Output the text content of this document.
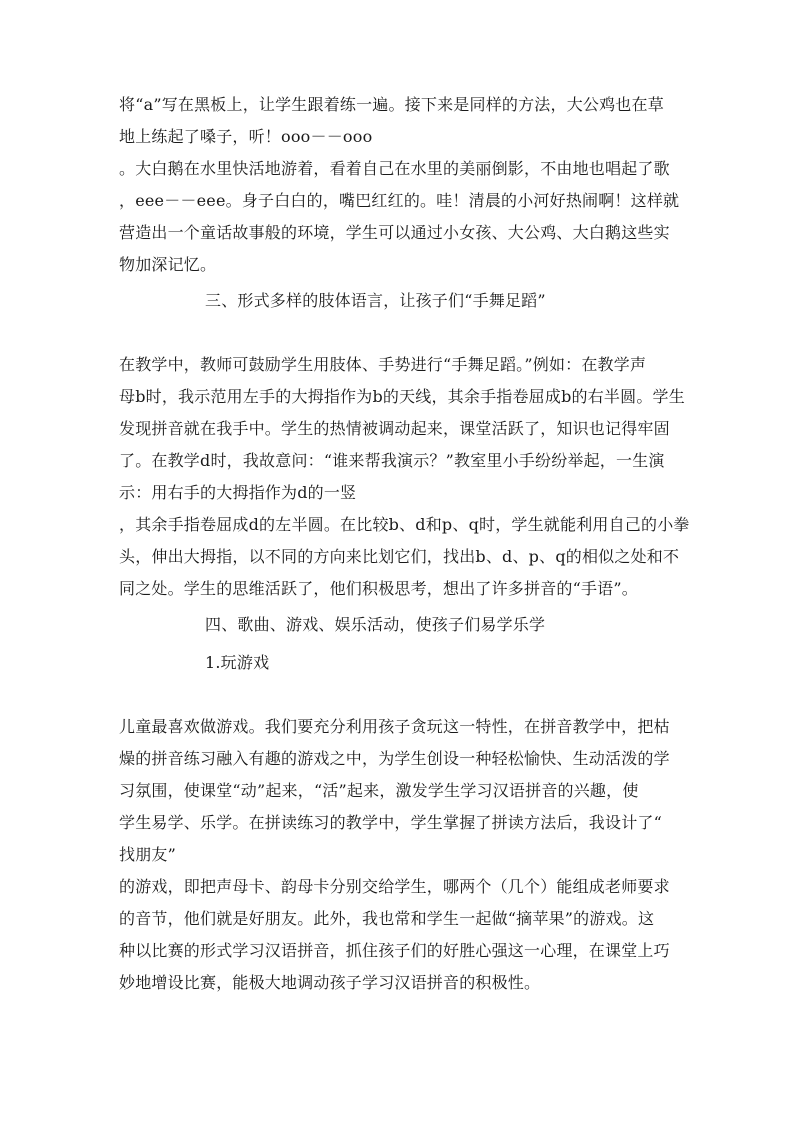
将“a”写在黑板上，让学生跟着练一遍。接下来是同样的方法，大公鸡也在草
地上练起了嗓子，听！ooo－－ooo
。大白鹅在水里快活地游着，看着自己在水里的美丽倒影，不由地也唱起了歌
，eee－－eee。身子白白的，嘴巴红红的。哇！清晨的小河好热闹啊！这样就
营造出一个童话故事般的环境，学生可以通过小女孩、大公鸡、大白鹅这些实
物加深记忆。
三、形式多样的肢体语言，让孩子们“手舞足蹈”
在教学中，教师可鼓励学生用肢体、手势进行“手舞足蹈。”例如：在教学声
母b时，我示范用左手的大拇指作为b的天线，其余手指卷屈成b的右半圆。学生
发现拼音就在我手中。学生的热情被调动起来，课堂活跃了，知识也记得牢固
了。在教学d时，我故意问：“谁来帮我演示？”教室里小手纷纷举起，一生演
示：用右手的大拇指作为d的一竖
，其余手指卷屈成d的左半圆。在比较b、d和p、q时，学生就能利用自己的小拳
头，伸出大拇指，以不同的方向来比划它们，找出b、d、p、q的相似之处和不
同之处。学生的思维活跃了，他们积极思考，想出了许多拼音的“手语”。
四、歌曲、游戏、娱乐活动，使孩子们易学乐学
1.玩游戏
儿童最喜欢做游戏。我们要充分利用孩子贪玩这一特性，在拼音教学中，把枯
燥的拼音练习融入有趣的游戏之中，为学生创设一种轻松愉快、生动活泼的学
习氛围，使课堂“动”起来，“活”起来，激发学生学习汉语拼音的兴趣，使
学生易学、乐学。在拼读练习的教学中，学生掌握了拼读方法后，我设计了“
找朋友”
的游戏，即把声母卡、韵母卡分别交给学生，哪两个（几个）能组成老师要求
的音节，他们就是好朋友。此外，我也常和学生一起做“摘苹果”的游戏。这
种以比赛的形式学习汉语拼音，抓住孩子们的好胜心强这一心理，在课堂上巧
妙地增设比赛，能极大地调动孩子学习汉语拼音的积极性。
